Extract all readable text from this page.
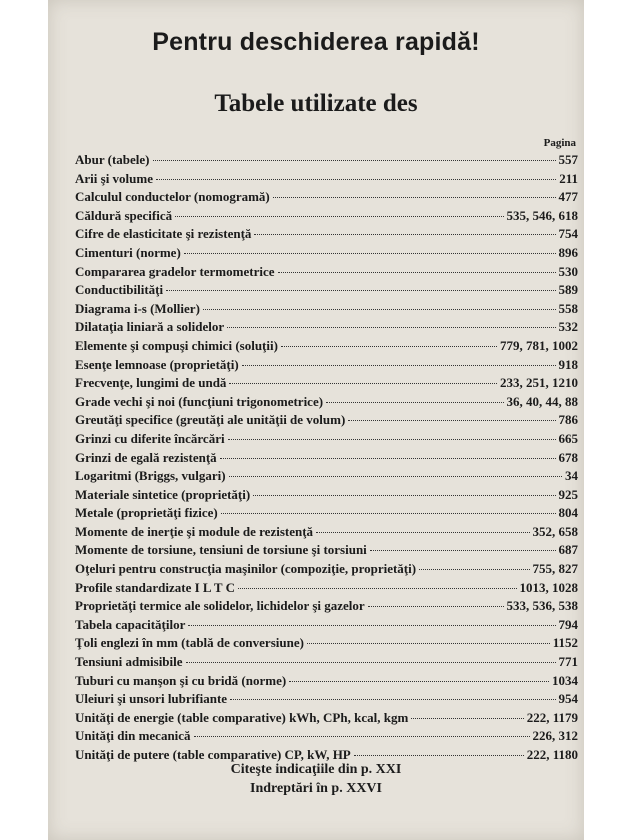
Pentru deschiderea rapidă!
Tabele utilizate des
Pagina
Abur (tabele)	557
Arii şi volume	211
Calculul conductelor (nomogramă)	477
Căldură specifică	535, 546, 618
Cifre de elasticitate şi rezistenţă	754
Cimenturi (norme)	896
Compararea gradelor termometrice	530
Conductibilităţi	589
Diagrama i-s (Mollier)	558
Dilataţia liniară a solidelor	532
Elemente şi compuşi chimici (soluţii)	779, 781, 1002
Esenţe lemnoase (proprietăţi)	918
Frecvenţe, lungimi de undă	233, 251, 1210
Grade vechi şi noi (funcţiuni trigonometrice)	36, 40, 44, 88
Greutăţi specifice (greutăţi ale unităţii de volum)	786
Grinzi cu diferite încărcări	665
Grinzi de egală rezistenţă	678
Logaritmi (Briggs, vulgari)	34
Materiale sintetice (proprietăţi)	925
Metale (proprietăţi fizice)	804
Momente de inerţie şi module de rezistenţă	352, 658
Momente de torsiune, tensiuni de torsiune şi torsiuni	687
Oţeluri pentru construcţia maşinilor (compoziţie, proprietăţi)	755, 827
Profile standardizate I L T C	1013, 1028
Proprietăţi termice ale solidelor, lichidelor şi gazelor	533, 536, 538
Tabela capacităţilor	794
Ţoli englezi în mm (tablă de conversiune)	1152
Tensiuni admisibile	771
Tuburi cu manşon şi cu bridă (norme)	1034
Uleiuri şi unsori lubrifiante	954
Unităţi de energie (table comparative) kWh, CPh, kcal, kgm	222, 1179
Unităţi din mecanică	226, 312
Unităţi de putere (table comparative) CP, kW, HP	222, 1180
Citeşte indicaţiile din p. XXI
Indreptări în p. XXVI
